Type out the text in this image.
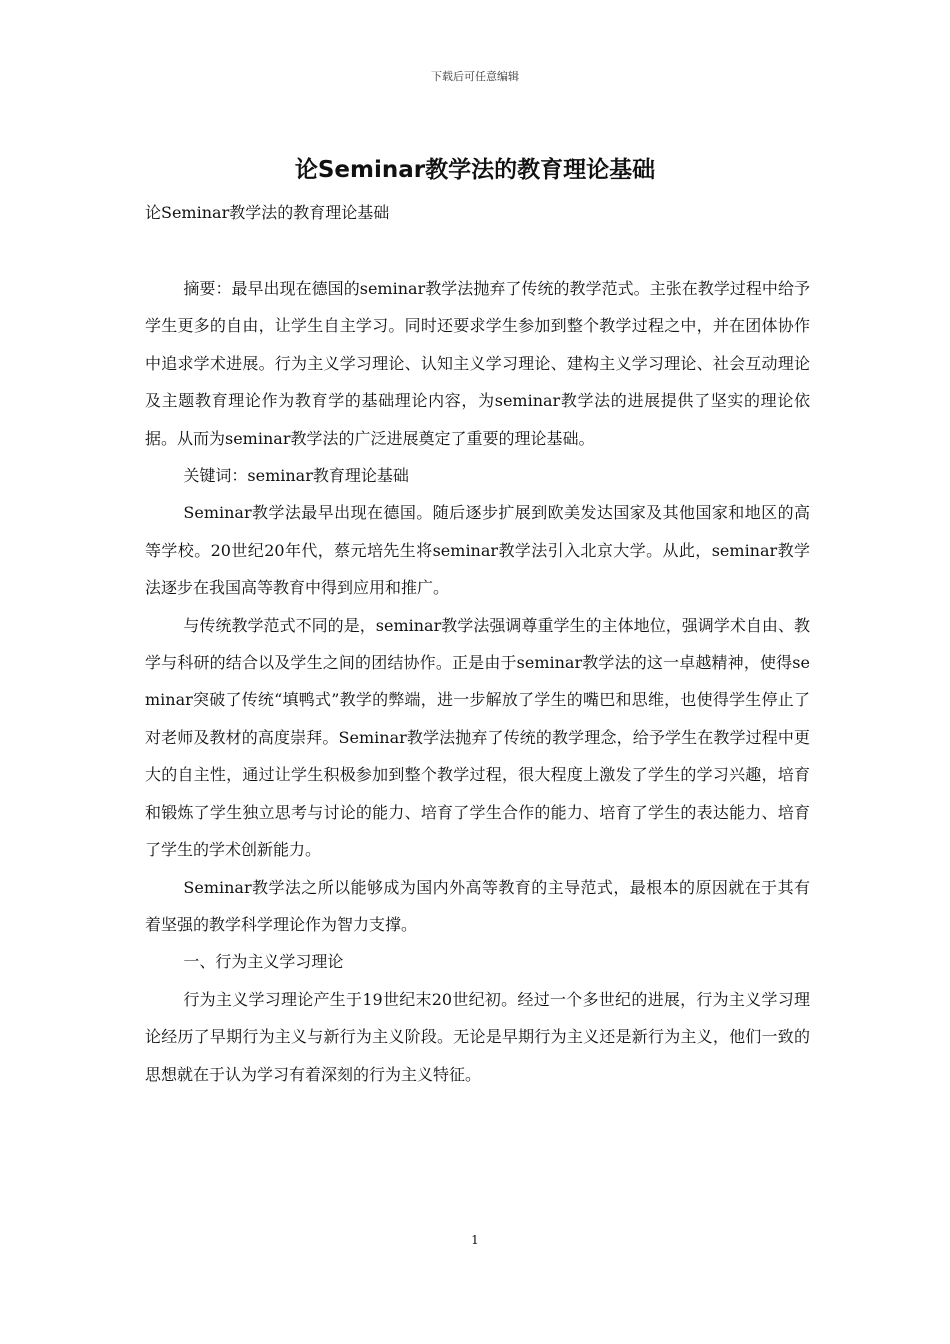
下载后可任意编辑
论Seminar教学法的教育理论基础

论Seminar教学法的教育理论基础

摘要：最早出现在德国的seminar教学法抛弃了传统的教学范式。主张在教学过程中给予学生更多的自由，让学生自主学习。同时还要求学生参加到整个教学过程之中，并在团体协作中追求学术进展。行为主义学习理论、认知主义学习理论、建构主义学习理论、社会互动理论及主题教育理论作为教育学的基础理论内容，为seminar教学法的进展提供了坚实的理论依据。从而为seminar教学法的广泛进展奠定了重要的理论基础。

关键词：seminar教育理论基础

Seminar教学法最早出现在德国。随后逐步扩展到欧美发达国家及其他国家和地区的高等学校。20世纪20年代，蔡元培先生将seminar教学法引入北京大学。从此，seminar教学法逐步在我国高等教育中得到应用和推广。

与传统教学范式不同的是，seminar教学法强调尊重学生的主体地位，强调学术自由、教学与科研的结合以及学生之间的团结协作。正是由于seminar教学法的这一卓越精神，使得seminar突破了传统“填鸭式”教学的弊端，进一步解放了学生的嘴巴和思维，也使得学生停止了对老师及教材的高度崇拜。Seminar教学法抛弃了传统的教学理念，给予学生在教学过程中更大的自主性，通过让学生积极参加到整个教学过程，很大程度上激发了学生的学习兴趣，培育和锻炼了学生独立思考与讨论的能力、培育了学生合作的能力、培育了学生的表达能力、培育了学生的学术创新能力。

Seminar教学法之所以能够成为国内外高等教育的主导范式，最根本的原因就在于其有着坚强的教学科学理论作为智力支撑。

一、行为主义学习理论

行为主义学习理论产生于19世纪末20世纪初。经过一个多世纪的进展，行为主义学习理论经历了早期行为主义与新行为主义阶段。无论是早期行为主义还是新行为主义，他们一致的思想就在于认为学习有着深刻的行为主义特征。

1
